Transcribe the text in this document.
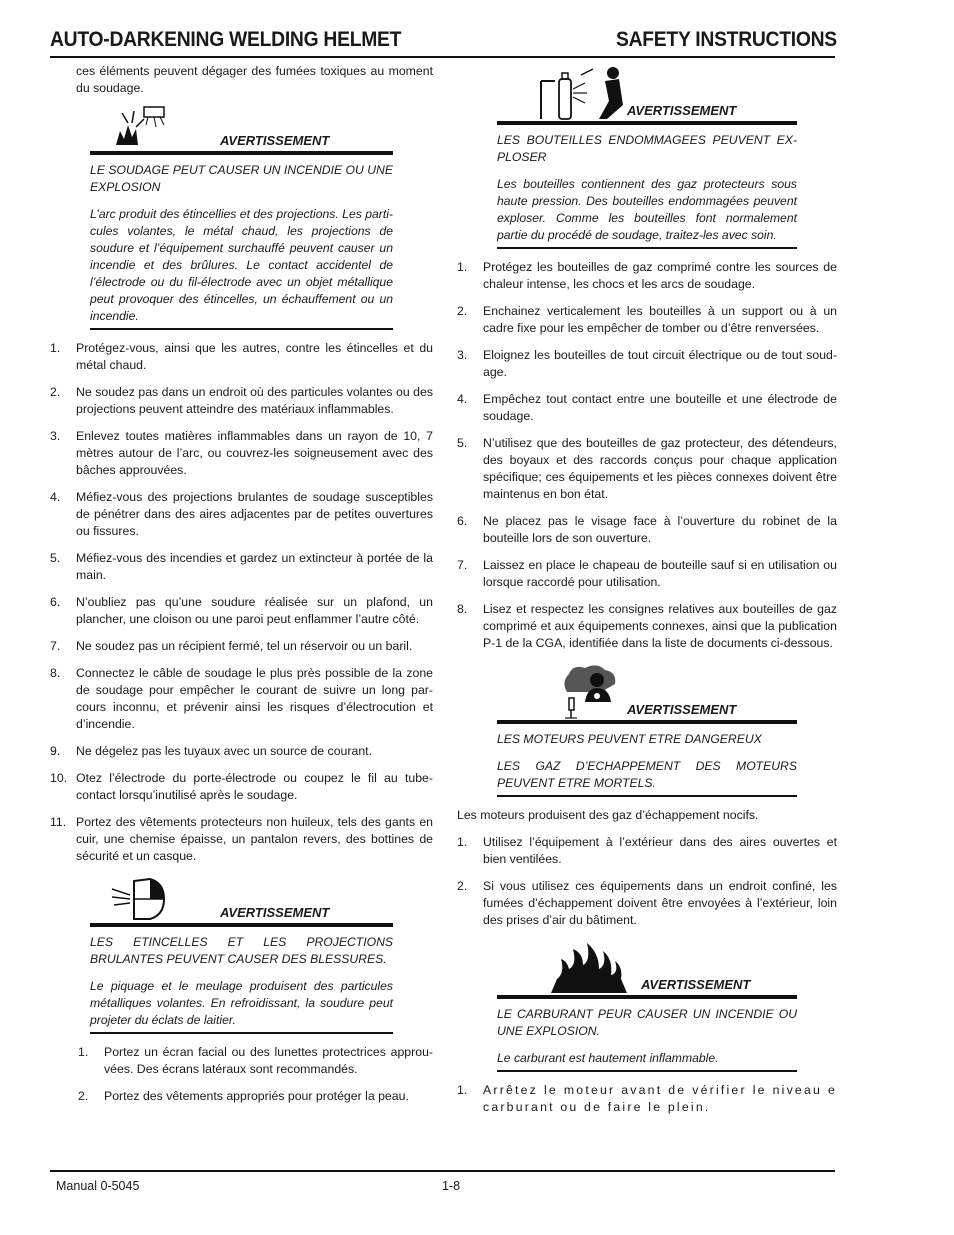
AUTO-DARKENING WELDING HELMET	SAFETY INSTRUCTIONS

ces éléments peuvent dégager des fumées toxiques au moment du soudage.

AVERTISSEMENT

LE SOUDAGE PEUT CAUSER UN INCENDIE OU UNE EXPLOSION

L’arc produit des étincellies et des projections. Les parti-cules volantes, le métal chaud, les projections de soudure et l’équipement surchauffé peuvent causer un incendie et des brûlures. Le contact accidentel de l’électrode ou du fil-électrode avec un objet métallique peut provoquer des étincelles, un échauffement ou un incendie.

1.	Protégez-vous, ainsi que les autres, contre les étincelles et du métal chaud.
2.	Ne soudez pas dans un endroit où des particules volantes ou des projections peuvent atteindre des matériaux inflammables.
3.	Enlevez toutes matières inflammables dans un rayon de 10, 7 mètres autour de l’arc, ou couvrez-les soigneusement avec des bâches approuvées.
4.	Méfiez-vous des projections brulantes de soudage susceptibles de pénétrer dans des aires adjacentes par de petites ouvertures ou fissures.
5.	Méfiez-vous des incendies et gardez un extincteur à portée de la main.
6.	N’oubliez pas qu’une soudure réalisée sur un plafond, un plancher, une cloison ou une paroi peut enflammer l’autre côté.
7.	Ne soudez pas un récipient fermé, tel un réservoir ou un baril.
8.	Connectez le câble de soudage le plus près possible de la zone de soudage pour empêcher le courant de suivre un long par-cours inconnu, et prévenir ainsi les risques d’électrocution et d’incendie.
9.	Ne dégelez pas les tuyaux avec un source de courant.
10. Otez l’électrode du porte-électrode ou coupez le fil au tube-contact lorsqu’inutilisé après le soudage.
11. Portez des vêtements protecteurs non huileux, tels des gants en cuir, une chemise épaisse, un pantalon revers, des bottines de sécurité et un casque.
AVERTISSEMENT

LES ETINCELLES ET LES PROJECTIONS BRULANTES PEUVENT CAUSER DES BLESSURES.

Le piquage et le meulage produisent des particules métalliques volantes. En refroidissant, la soudure peut projeter du éclats de laitier.

1.	Portez un écran facial ou des lunettes protectrices approu-vées. Des écrans latéraux sont recommandés.
2.	Portez des vêtements appropriés pour protéger la peau.
AVERTISSEMENT

LES BOUTEILLES ENDOMMAGEES PEUVENT EX-PLOSER

Les bouteilles contiennent des gaz protecteurs sous haute pression. Des bouteilles endommagées peuvent exploser. Comme les bouteilles font normalement partie du procédé de soudage, traitez-les avec soin.

1.	Protégez les bouteilles de gaz comprimé contre les sources de chaleur intense, les chocs et les arcs de soudage.
2.	Enchainez verticalement les bouteilles à un support ou à un cadre fixe pour les empêcher de tomber ou d’être renversées.
3.	Eloignez les bouteilles de tout circuit électrique ou de tout soud-age.
4.	Empêchez tout contact entre une bouteille et une électrode de soudage.
5.	N’utilisez que des bouteilles de gaz protecteur, des détendeurs, des boyaux et des raccords conçus pour chaque application spécifique; ces équipements et les pièces connexes doivent être maintenus en bon état.
6.	Ne placez pas le visage face à l’ouverture du robinet de la bouteille lors de son ouverture.
7.	Laissez en place le chapeau de bouteille sauf si en utilisation ou lorsque raccordé pour utilisation.
8.	Lisez et respectez les consignes relatives aux bouteilles de gaz comprimé et aux équipements connexes, ainsi que la publication P-1 de la CGA, identifiée dans la liste de documents ci-dessous.
AVERTISSEMENT

LES MOTEURS PEUVENT ETRE DANGEREUX

LES GAZ D’ECHAPPEMENT DES MOTEURS PEUVENT ETRE MORTELS.

Les moteurs produisent des gaz d’échappement nocifs.

1.	Utilisez l’équipement à l’extérieur dans des aires ouvertes et bien ventilées.
2.	Si vous utilisez ces équipements dans un endroit confiné, les fumées d’échappement doivent être envoyées à l’extérieur, loin des prises d’air du bâtiment.
AVERTISSEMENT

LE CARBURANT PEUR CAUSER UN INCENDIE OU UNE EXPLOSION.

Le carburant est hautement inflammable.

1.	Arrêtez le moteur avant de vérifier le niveau e carburant ou de faire le plein.
Manual 0-5045	1-8
